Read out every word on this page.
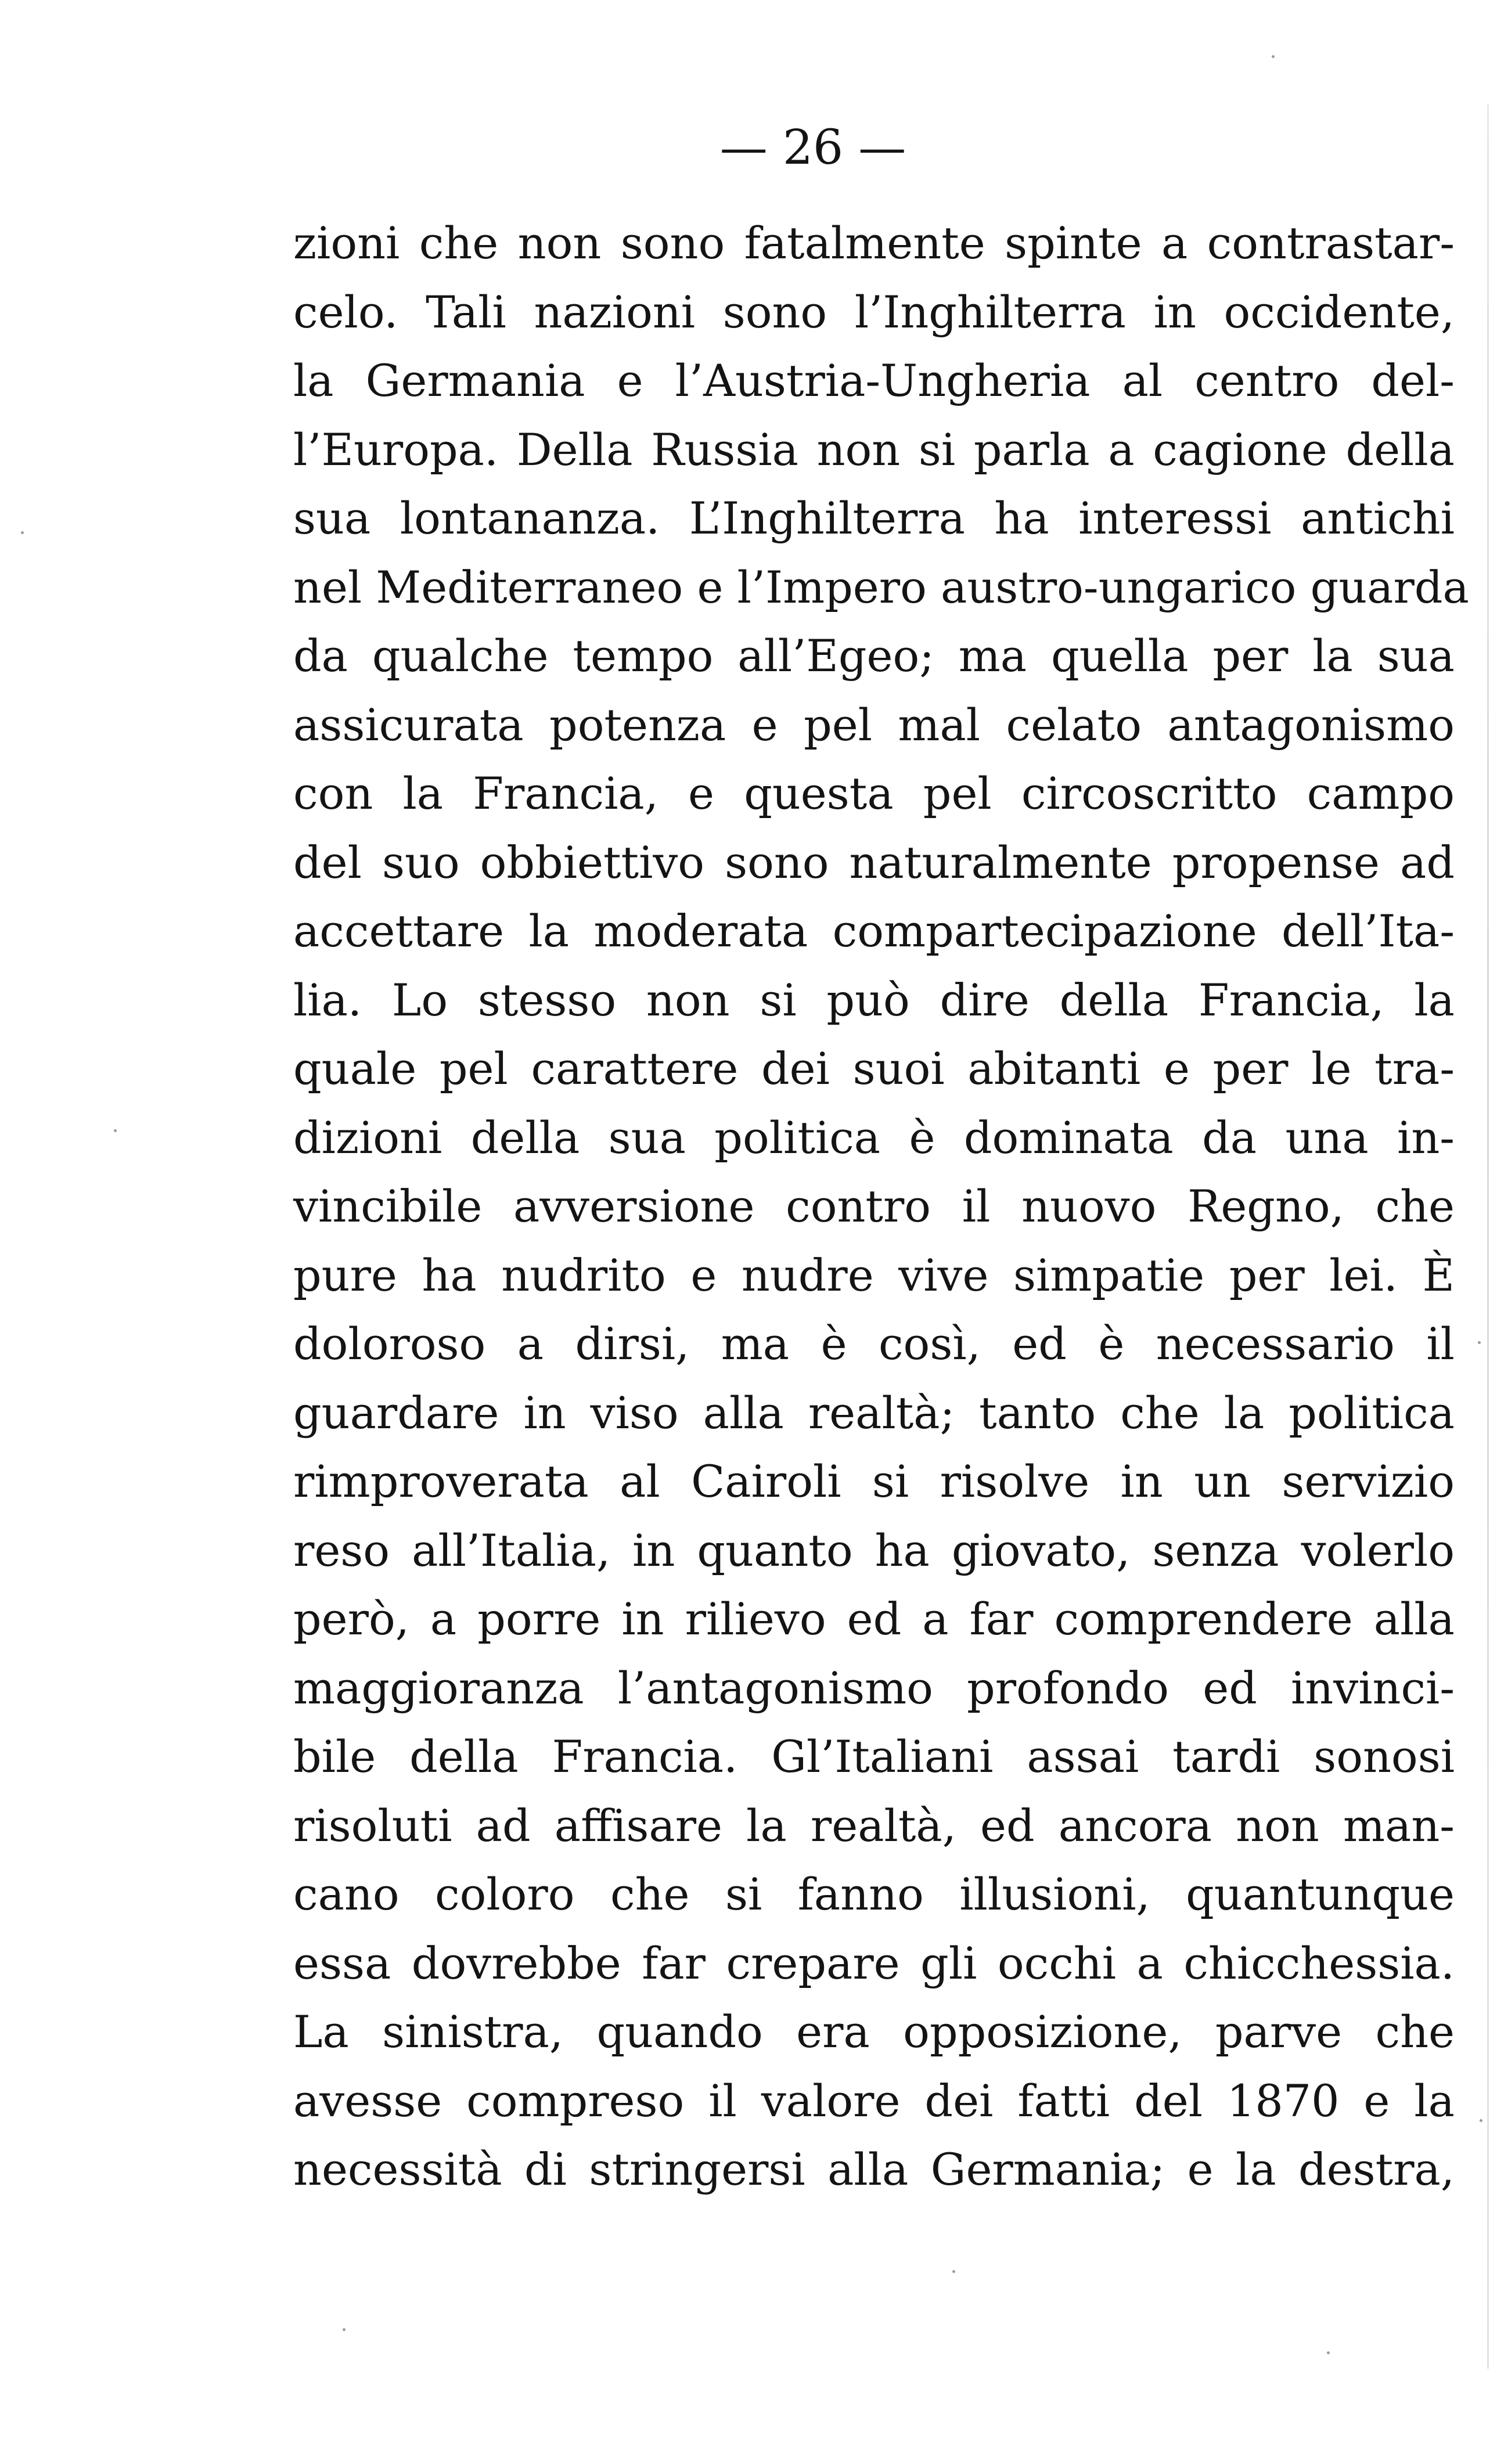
— 26 —
zioni che non sono fatalmente spinte a contrastar-
celo. Tali nazioni sono l’Inghilterra in occidente,
la Germania e l’Austria-Ungheria al centro del-
l’Europa. Della Russia non si parla a cagione della
sua lontananza. L’Inghilterra ha interessi antichi
nel Mediterraneo e l’Impero austro-ungarico guarda
da qualche tempo all’Egeo; ma quella per la sua
assicurata potenza e pel mal celato antagonismo
con la Francia, e questa pel circoscritto campo
del suo obbiettivo sono naturalmente propense ad
accettare la moderata compartecipazione dell’Ita-
lia. Lo stesso non si può dire della Francia, la
quale pel carattere dei suoi abitanti e per le tra-
dizioni della sua politica è dominata da una in-
vincibile avversione contro il nuovo Regno, che
pure ha nudrito e nudre vive simpatie per lei. È
doloroso a dirsi, ma è così, ed è necessario il
guardare in viso alla realtà; tanto che la politica
rimproverata al Cairoli si risolve in un servizio
reso all’Italia, in quanto ha giovato, senza volerlo
però, a porre in rilievo ed a far comprendere alla
maggioranza l’antagonismo profondo ed invinci-
bile della Francia. Gl’Italiani assai tardi sonosi
risoluti ad affisare la realtà, ed ancora non man-
cano coloro che si fanno illusioni, quantunque
essa dovrebbe far crepare gli occhi a chicchessia.
La sinistra, quando era opposizione, parve che
avesse compreso il valore dei fatti del 1870 e la
necessità di stringersi alla Germania; e la destra,
